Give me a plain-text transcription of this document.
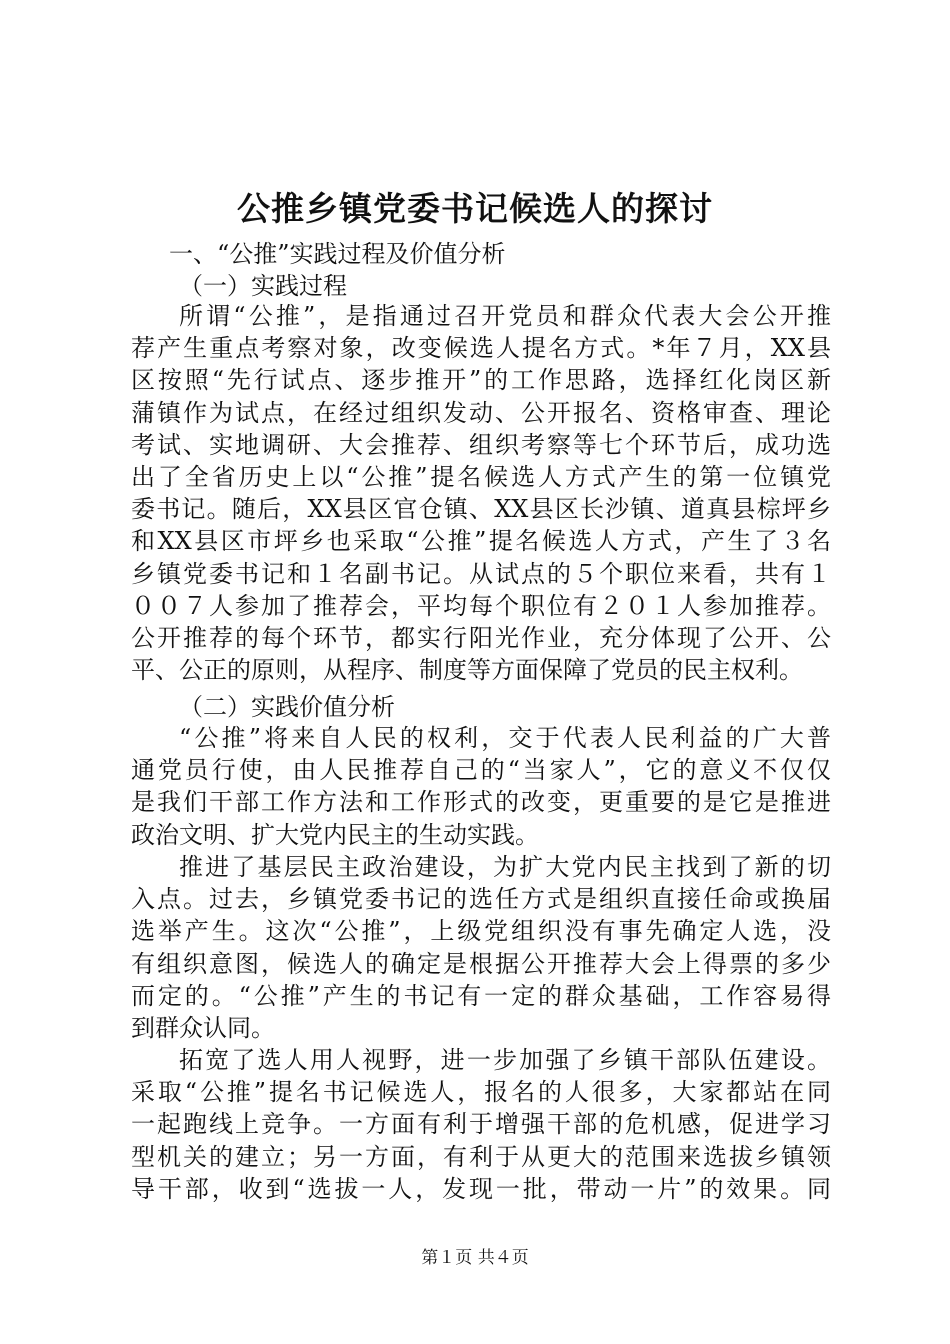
公推乡镇党委书记候选人的探讨
一、“公推”实践过程及价值分析
（一）实践过程
所谓“公推”，是指通过召开党员和群众代表大会公开推
荐产生重点考察对象，改变候选人提名方式。*年７月，XX县
区按照“先行试点、逐步推开”的工作思路，选择红化岗区新
蒲镇作为试点，在经过组织发动、公开报名、资格审查、理论
考试、实地调研、大会推荐、组织考察等七个环节后，成功选
出了全省历史上以“公推”提名候选人方式产生的第一位镇党
委书记。随后，XX县区官仓镇、XX县区长沙镇、道真县棕坪乡
和XX县区市坪乡也采取“公推”提名候选人方式，产生了３名
乡镇党委书记和１名副书记。从试点的５个职位来看，共有１
００７人参加了推荐会，平均每个职位有２０１人参加推荐。
公开推荐的每个环节，都实行阳光作业，充分体现了公开、公
平、公正的原则，从程序、制度等方面保障了党员的民主权利。
（二）实践价值分析
“公推”将来自人民的权利，交于代表人民利益的广大普
通党员行使，由人民推荐自己的“当家人”，它的意义不仅仅
是我们干部工作方法和工作形式的改变，更重要的是它是推进
政治文明、扩大党内民主的生动实践。
推进了基层民主政治建设，为扩大党内民主找到了新的切
入点。过去，乡镇党委书记的选任方式是组织直接任命或换届
选举产生。这次“公推”，上级党组织没有事先确定人选，没
有组织意图，候选人的确定是根据公开推荐大会上得票的多少
而定的。“公推”产生的书记有一定的群众基础，工作容易得
到群众认同。
拓宽了选人用人视野，进一步加强了乡镇干部队伍建设。
采取“公推”提名书记候选人，报名的人很多，大家都站在同
一起跑线上竞争。一方面有利于增强干部的危机感，促进学习
型机关的建立；另一方面，有利于从更大的范围来选拔乡镇领
导干部，收到“选拔一人，发现一批，带动一片”的效果。同
第１页 共４页
